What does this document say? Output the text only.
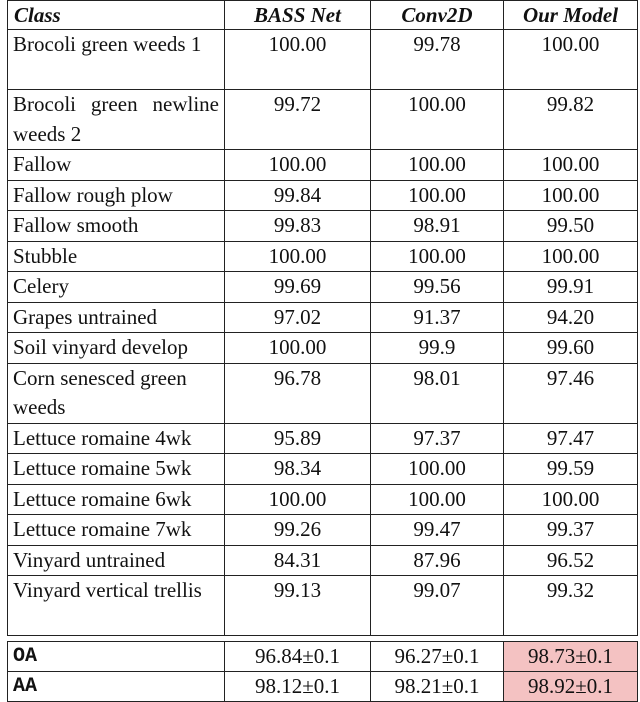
Class	BASS Net	Conv2D	Our Model
Brocoli green weeds 1	100.00	99.78	100.00
Brocoli green newline weeds 2	99.72	100.00	99.82
Fallow	100.00	100.00	100.00
Fallow rough plow	99.84	100.00	100.00
Fallow smooth	99.83	98.91	99.50
Stubble	100.00	100.00	100.00
Celery	99.69	99.56	99.91
Grapes untrained	97.02	91.37	94.20
Soil vinyard develop	100.00	99.9	99.60
Corn senesced green weeds	96.78	98.01	97.46
Lettuce romaine 4wk	95.89	97.37	97.47
Lettuce romaine 5wk	98.34	100.00	99.59
Lettuce romaine 6wk	100.00	100.00	100.00
Lettuce romaine 7wk	99.26	99.47	99.37
Vinyard untrained	84.31	87.96	96.52
Vinyard vertical trellis	99.13	99.07	99.32

OA	96.84±0.1	96.27±0.1	98.73±0.1
AA	98.12±0.1	98.21±0.1	98.92±0.1
